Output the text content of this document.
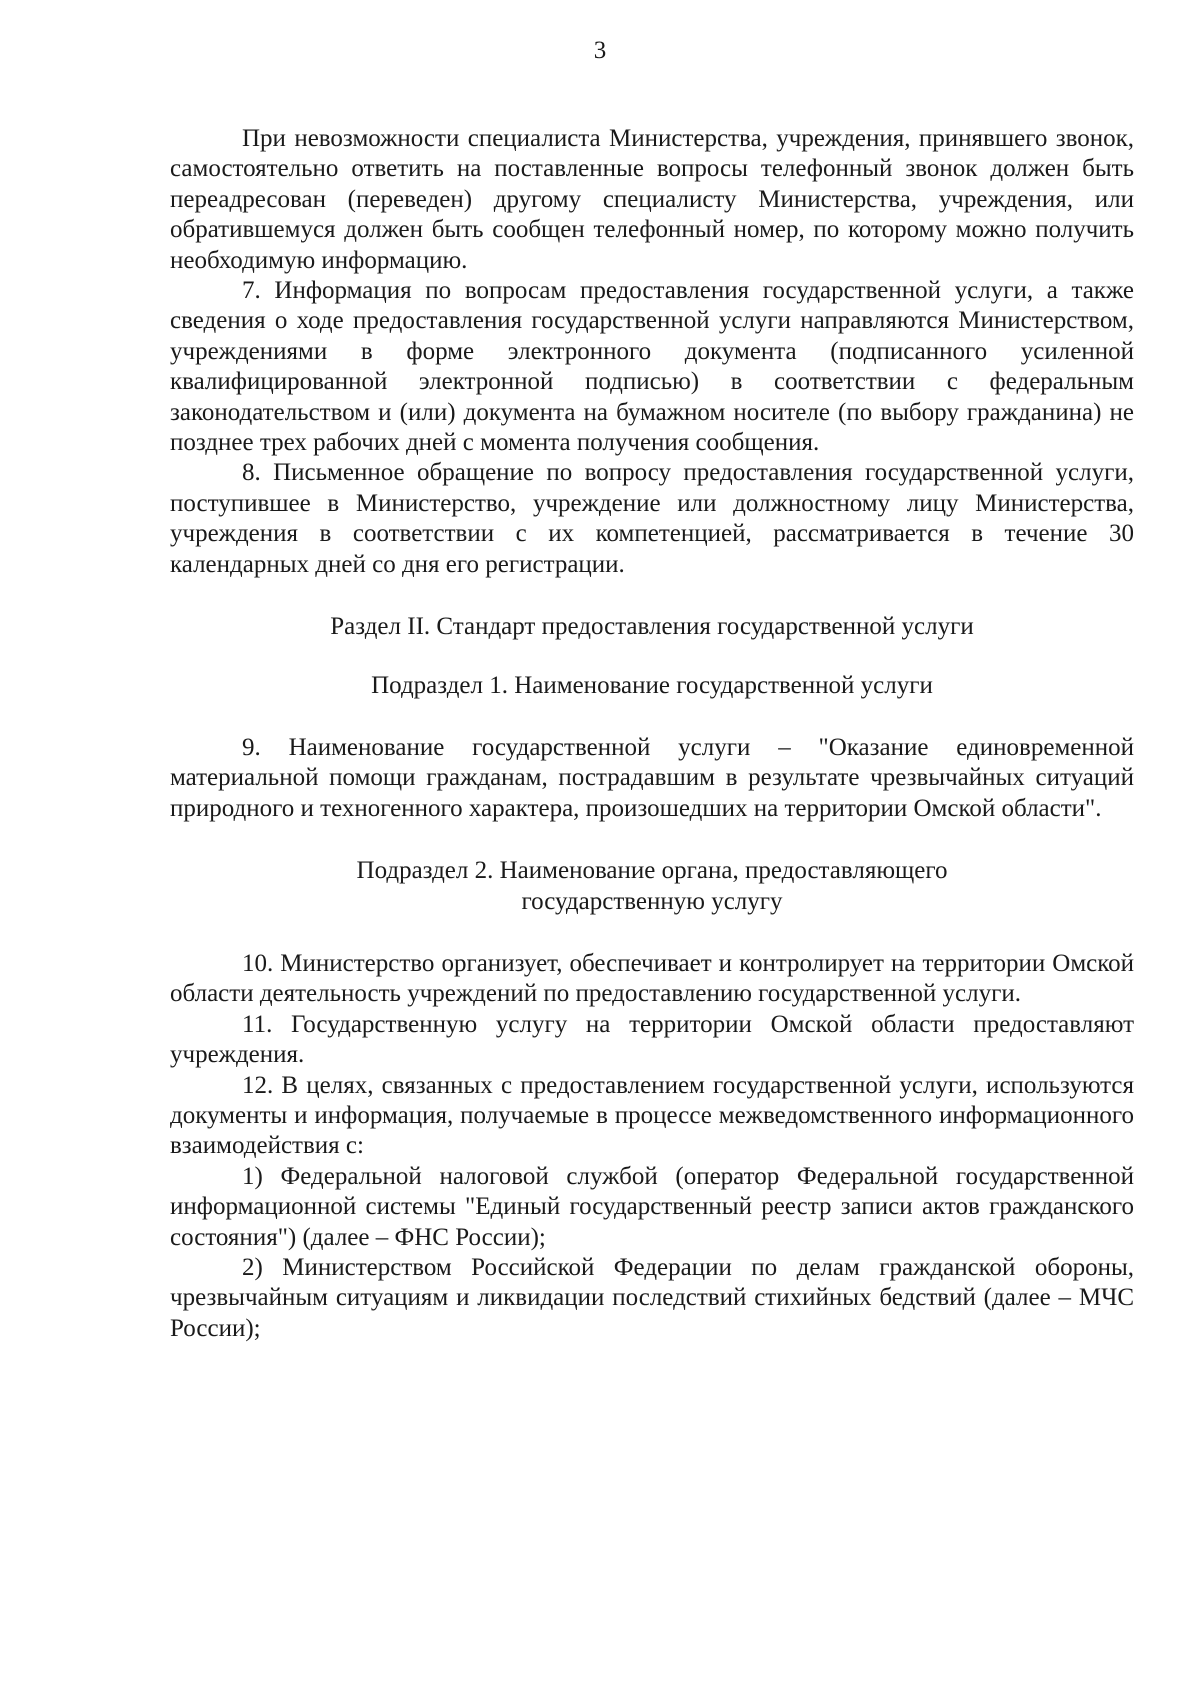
3

При невозможности специалиста Министерства, учреждения, принявшего звонок, самостоятельно ответить на поставленные вопросы телефонный звонок должен быть переадресован (переведен) другому специалисту Министерства, учреждения, или обратившемуся должен быть сообщен телефонный номер, по которому можно получить необходимую информацию.

7. Информация по вопросам предоставления государственной услуги, а также сведения о ходе предоставления государственной услуги направляются Министерством, учреждениями в форме электронного документа (подписанного усиленной квалифицированной электронной подписью) в соответствии с федеральным законодательством и (или) документа на бумажном носителе (по выбору гражданина) не позднее трех рабочих дней с момента получения сообщения.

8. Письменное обращение по вопросу предоставления государственной услуги, поступившее в Министерство, учреждение или должностному лицу Министерства, учреждения в соответствии с их компетенцией, рассматривается в течение 30 календарных дней со дня его регистрации.

Раздел II. Стандарт предоставления государственной услуги

Подраздел 1. Наименование государственной услуги

9. Наименование государственной услуги – "Оказание единовременной материальной помощи гражданам, пострадавшим в результате чрезвычайных ситуаций природного и техногенного характера, произошедших на территории Омской области".

Подраздел 2. Наименование органа, предоставляющего
государственную услугу

10. Министерство организует, обеспечивает и контролирует на территории Омской области деятельность учреждений по предоставлению государственной услуги.

11. Государственную услугу на территории Омской области предоставляют учреждения.

12. В целях, связанных с предоставлением государственной услуги, используются документы и информация, получаемые в процессе межведомственного информационного взаимодействия с:

1) Федеральной налоговой службой (оператор Федеральной государственной информационной системы "Единый государственный реестр записи актов гражданского состояния") (далее – ФНС России);

2) Министерством Российской Федерации по делам гражданской обороны, чрезвычайным ситуациям и ликвидации последствий стихийных бедствий (далее – МЧС России);
